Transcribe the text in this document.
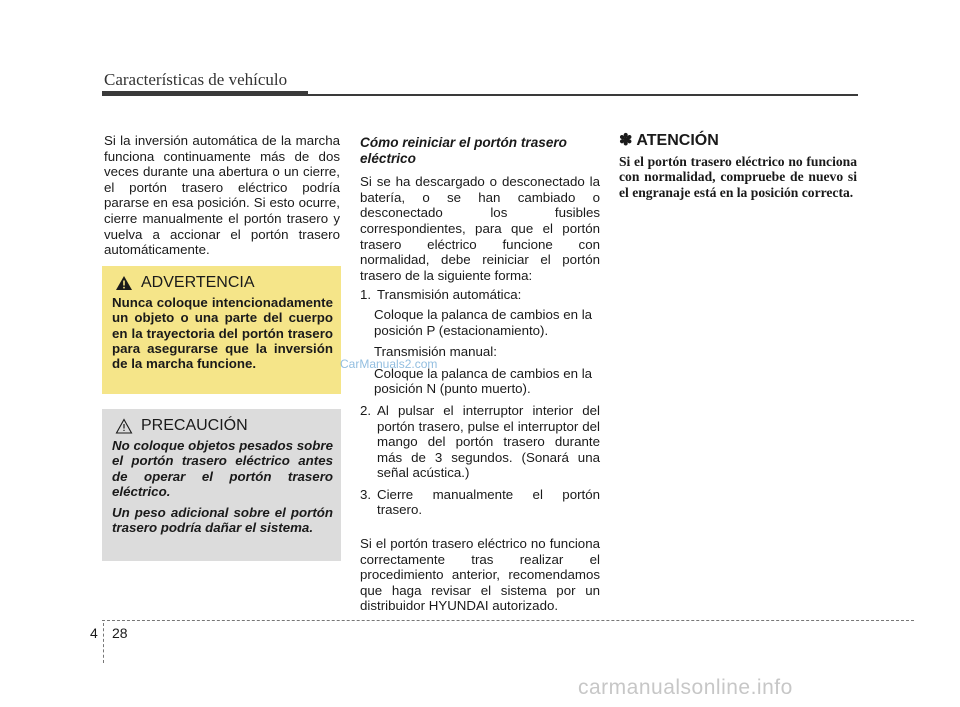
Características de vehículo

Si la inversión automática de la marcha funciona continuamente más de dos veces durante una abertura o un cierre, el portón trasero eléctrico podría pararse en esa posición. Si esto ocurre, cierre manualmente el portón trasero y vuelva a accionar el portón trasero automáticamente.

ADVERTENCIA

Nunca coloque intencionadamente un objeto o una parte del cuerpo en la trayectoria del portón trasero para asegurarse que la inversión de la marcha funcione.

PRECAUCIÓN

No coloque objetos pesados sobre el portón trasero eléctrico antes de operar el portón trasero eléctrico.

Un peso adicional sobre el portón trasero podría dañar el sistema.

Cómo reiniciar el portón trasero eléctrico

Si se ha descargado o desconectado la batería, o se han cambiado o desconectado los fusibles correspondientes, para que el portón trasero eléctrico funcione con normalidad, debe reiniciar el portón trasero de la siguiente forma:

1. Transmisión automática:

Coloque la palanca de cambios en la posición P (estacionamiento).

Transmisión manual:

Coloque la palanca de cambios en la posición N (punto muerto).

2. Al pulsar el interruptor interior del portón trasero, pulse el interruptor del mango del portón trasero durante más de 3 segundos. (Sonará una señal acústica.)
3. Cierre manualmente el portón trasero.

Si el portón trasero eléctrico no funciona correctamente tras realizar el procedimiento anterior, recomendamos que haga revisar el sistema por un distribuidor HYUNDAI autorizado.

✽ ATENCIÓN

Si el portón trasero eléctrico no funciona con normalidad, compruebe de nuevo si el engranaje está en la posición correcta.

CarManuals2.com
4 28
carmanualsonline.info
